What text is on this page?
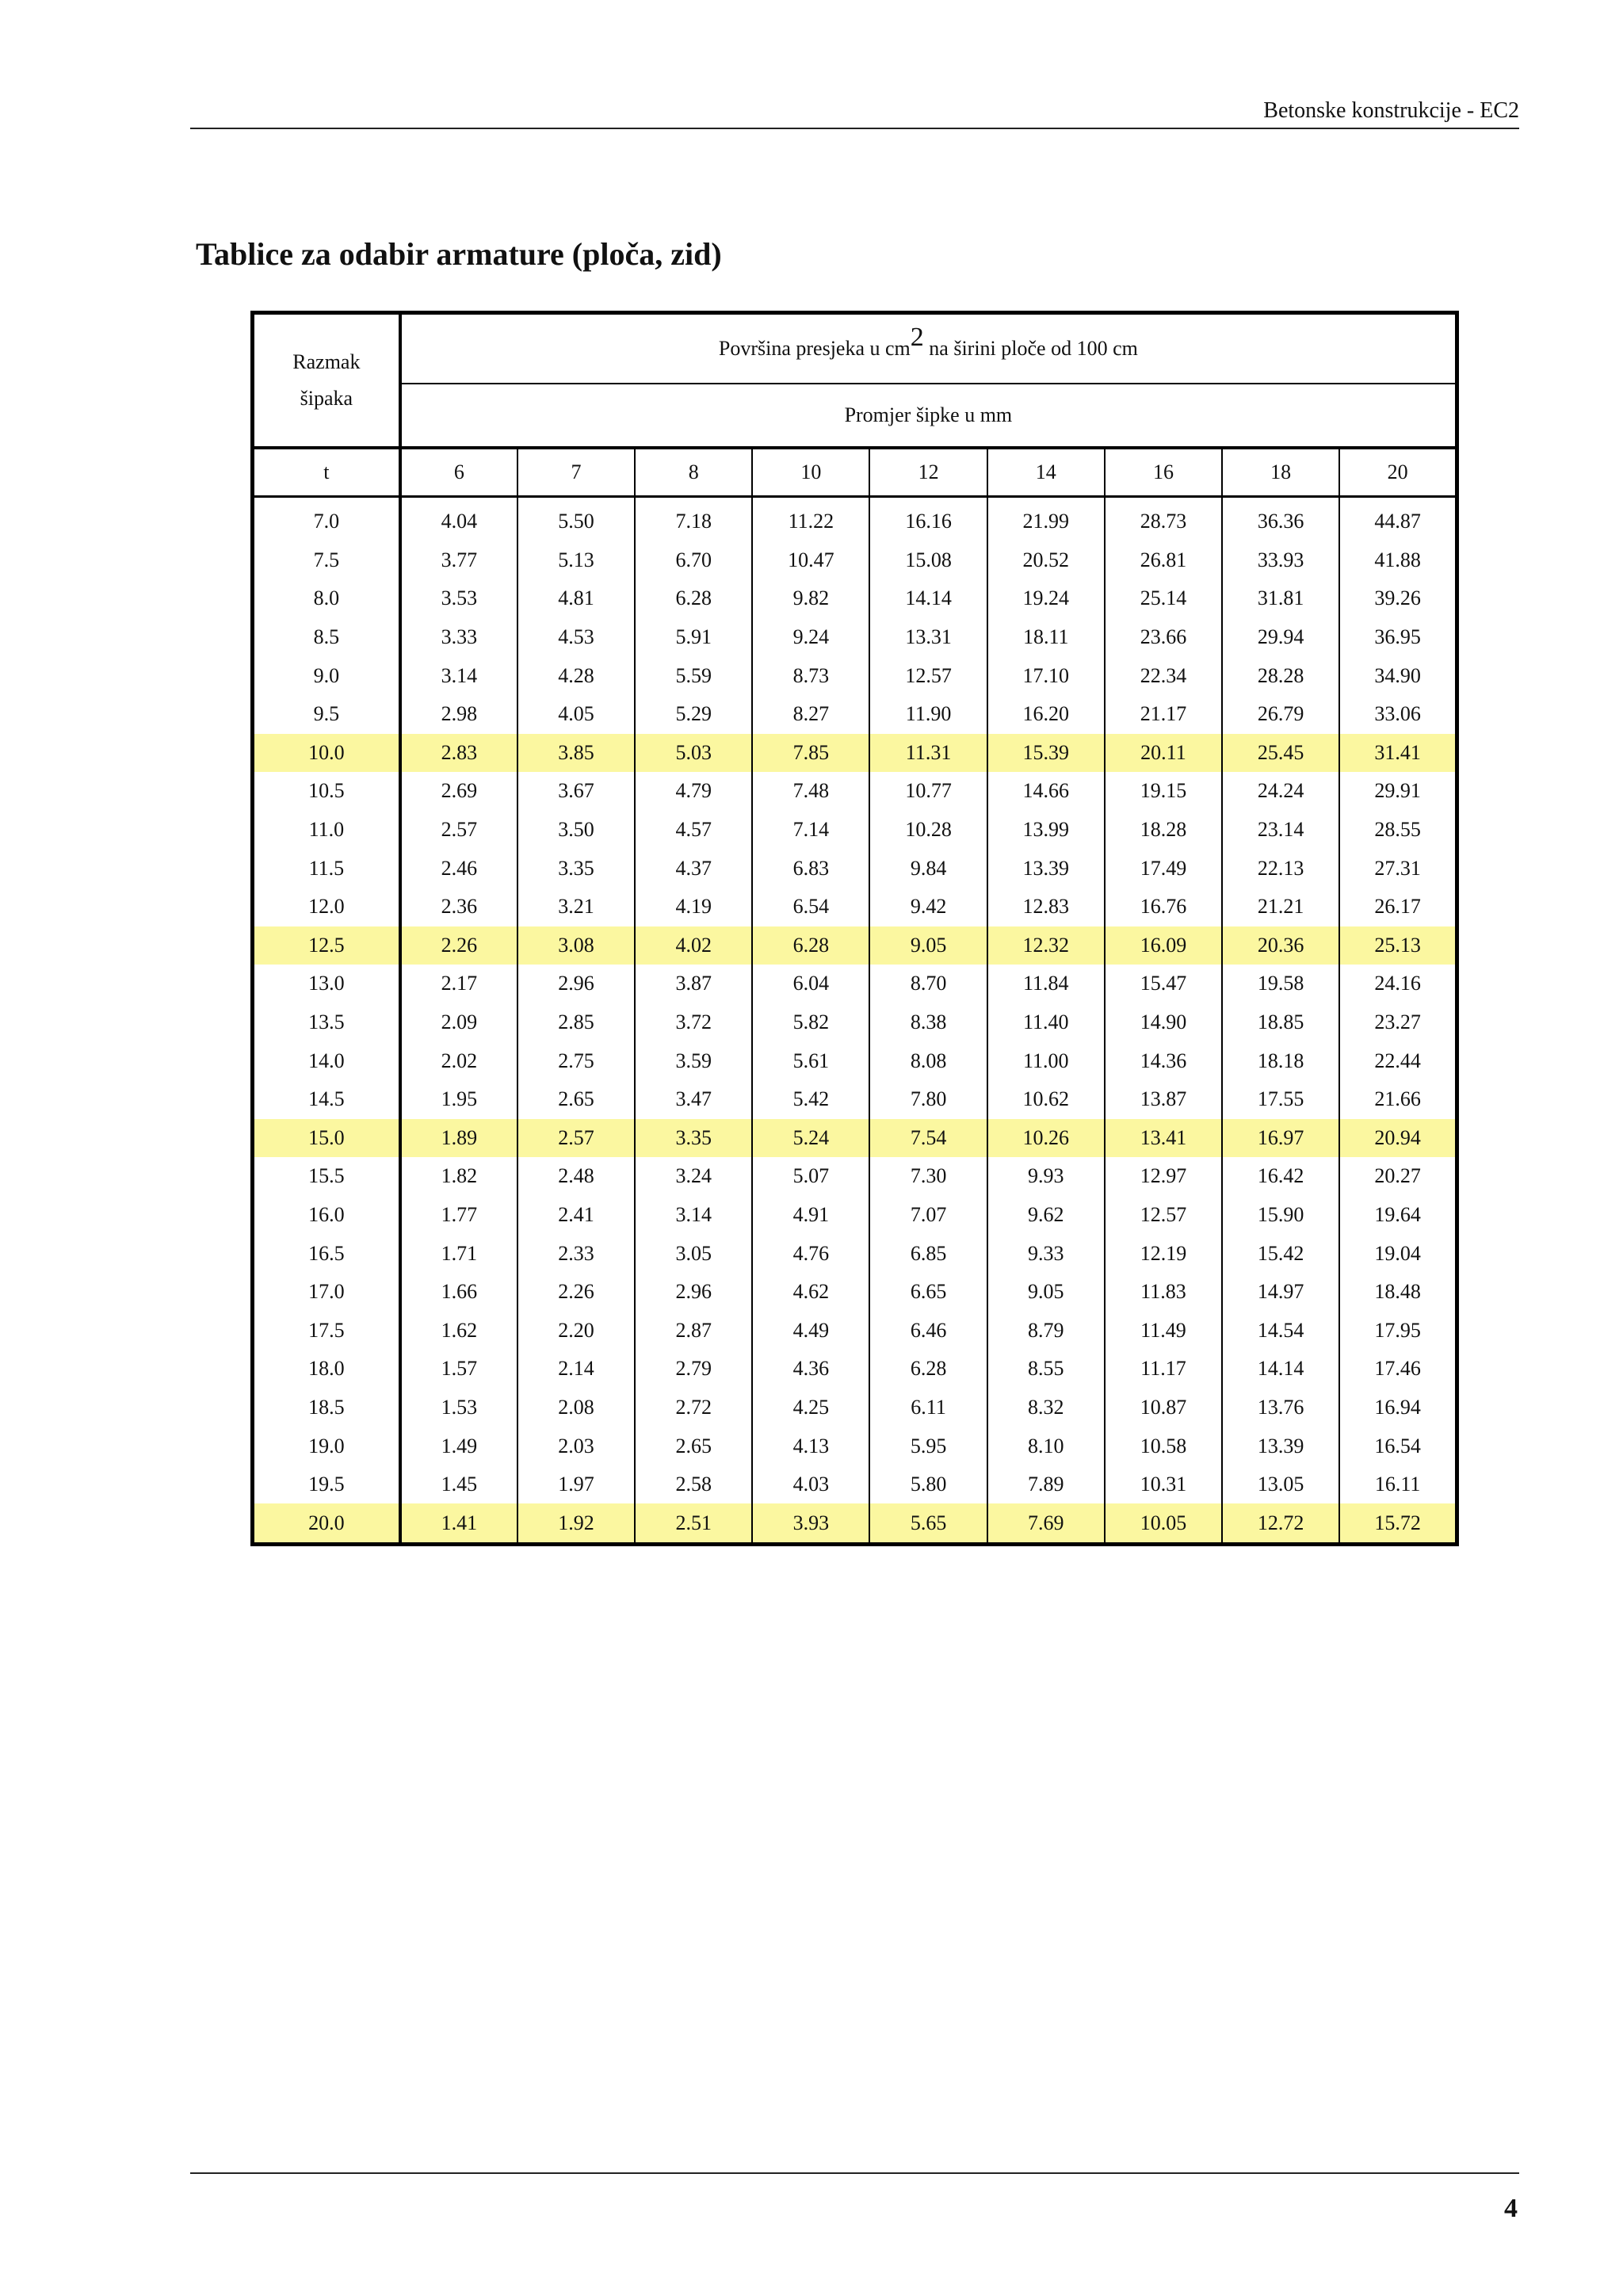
Betonske konstrukcije - EC2
Tablice za odabir armature (ploča, zid)
Razmak
šipaka	Površina presjeka u $cm^2$ na širini ploče od 100 cm								
	Promjer šipke u mm								
t	6	7	8	10	12	14	16	18	20
7.0	4.04	5.50	7.18	11.22	16.16	21.99	28.73	36.36	44.87
7.5	3.77	5.13	6.70	10.47	15.08	20.52	26.81	33.93	41.88
8.0	3.53	4.81	6.28	9.82	14.14	19.24	25.14	31.81	39.26
8.5	3.33	4.53	5.91	9.24	13.31	18.11	23.66	29.94	36.95
9.0	3.14	4.28	5.59	8.73	12.57	17.10	22.34	28.28	34.90
9.5	2.98	4.05	5.29	8.27	11.90	16.20	21.17	26.79	33.06
10.0	2.83	3.85	5.03	7.85	11.31	15.39	20.11	25.45	31.41
10.5	2.69	3.67	4.79	7.48	10.77	14.66	19.15	24.24	29.91
11.0	2.57	3.50	4.57	7.14	10.28	13.99	18.28	23.14	28.55
11.5	2.46	3.35	4.37	6.83	9.84	13.39	17.49	22.13	27.31
12.0	2.36	3.21	4.19	6.54	9.42	12.83	16.76	21.21	26.17
12.5	2.26	3.08	4.02	6.28	9.05	12.32	16.09	20.36	25.13
13.0	2.17	2.96	3.87	6.04	8.70	11.84	15.47	19.58	24.16
13.5	2.09	2.85	3.72	5.82	8.38	11.40	14.90	18.85	23.27
14.0	2.02	2.75	3.59	5.61	8.08	11.00	14.36	18.18	22.44
14.5	1.95	2.65	3.47	5.42	7.80	10.62	13.87	17.55	21.66
15.0	1.89	2.57	3.35	5.24	7.54	10.26	13.41	16.97	20.94
15.5	1.82	2.48	3.24	5.07	7.30	9.93	12.97	16.42	20.27
16.0	1.77	2.41	3.14	4.91	7.07	9.62	12.57	15.90	19.64
16.5	1.71	2.33	3.05	4.76	6.85	9.33	12.19	15.42	19.04
17.0	1.66	2.26	2.96	4.62	6.65	9.05	11.83	14.97	18.48
17.5	1.62	2.20	2.87	4.49	6.46	8.79	11.49	14.54	17.95
18.0	1.57	2.14	2.79	4.36	6.28	8.55	11.17	14.14	17.46
18.5	1.53	2.08	2.72	4.25	6.11	8.32	10.87	13.76	16.94
19.0	1.49	2.03	2.65	4.13	5.95	8.10	10.58	13.39	16.54
19.5	1.45	1.97	2.58	4.03	5.80	7.89	10.31	13.05	16.11
20.0	1.41	1.92	2.51	3.93	5.65	7.69	10.05	12.72	15.72
4
